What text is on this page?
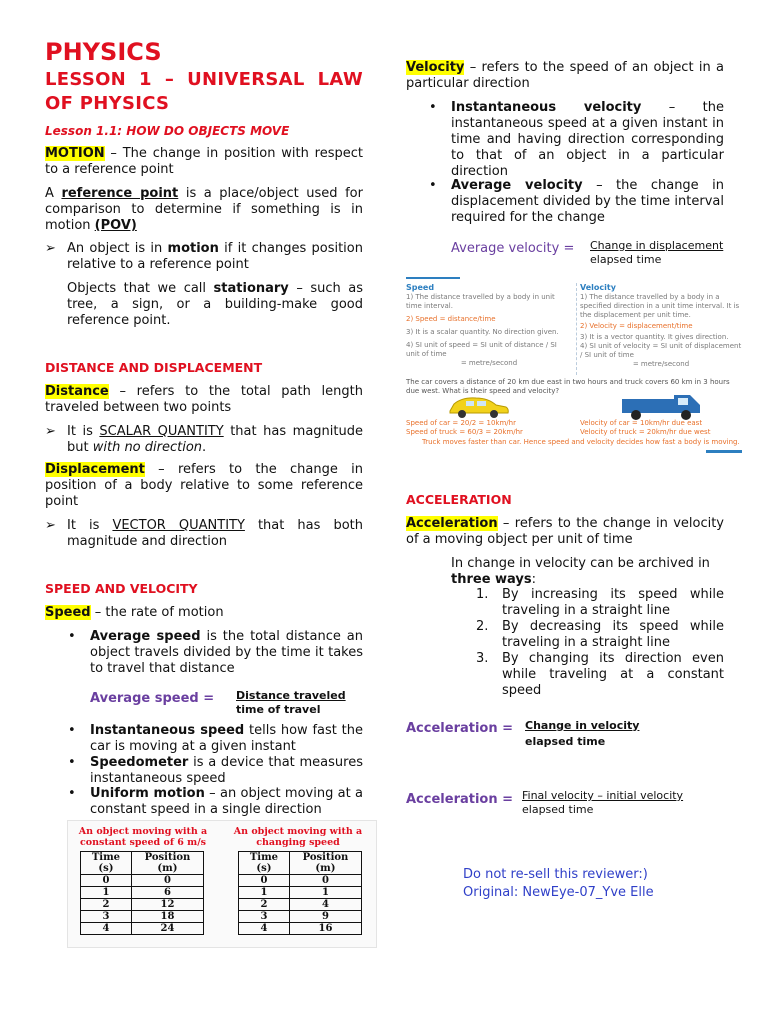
PHYSICS
LESSON 1 – UNIVERSAL LAW OF PHYSICS
Lesson 1.1: HOW DO OBJECTS MOVE

MOTION – The change in position with respect to a reference point

A reference point is a place/object used for comparison to determine if something is in motion (POV)

➢ An object is in motion if it changes position relative to a reference point

Objects that we call stationary – such as tree, a sign, or a building-make good reference point.

DISTANCE AND DISPLACEMENT

Distance – refers to the total path length traveled between two points

➢ It is SCALAR QUANTITY that has magnitude but with no direction.

Displacement – refers to the change in position of a body relative to some reference point

➢ It is VECTOR QUANTITY that has both magnitude and direction

SPEED AND VELOCITY

Speed – the rate of motion

• Average speed is the total distance an object travels divided by the time it takes to travel that distance

Average speed = Distance traveled
time of travel
• Instantaneous speed tells how fast the car is moving at a given instant

• Speedometer is a device that measures instantaneous speed

• Uniform motion – an object moving at a constant speed in a single direction

An object moving with a constant speed of 6 m/s
Time (s)	Position (m)
0	0
1	6
2	12
3	18
4	24
An object moving with a changing speed
Time (s)	Position (m)
0	0
1	1
2	4
3	9
4	16

Velocity – refers to the speed of an object in a particular direction

• Instantaneous velocity – the instantaneous speed at a given instant in time and having direction corresponding to that of an object in a particular direction

• Average velocity – the change in displacement divided by the time interval required for the change

Average velocity = Change in displacement
elapsed time
Speed
1) The distance travelled by a body in unit time interval.
2) Speed = distance/time
3) It is a scalar quantity. No direction given.
4) SI unit of speed = SI unit of distance / SI unit of time
= metre/second
Velocity
1) The distance travelled by a body in a specified direction in a unit time interval. It is the displacement per unit time.
2) Velocity = displacement/time
3) It is a vector quantity. It gives direction.
4) SI unit of velocity = SI unit of displacement / SI unit of time
= metre/second
The car covers a distance of 20 km due east in two hours and truck covers 60 km in 3 hours due west. What is their speed and velocity?
Speed of car = 20/2 = 10km/hr
Speed of truck = 60/3 = 20km/hr
Velocity of car = 10km/hr due east
Velocity of truck = 20km/hr due west
Truck moves faster than car. Hence speed and velocity decides how fast a body is moving.
ACCELERATION

Acceleration – refers to the change in velocity of a moving object per unit of time

In change in velocity can be archived in three ways:

1. By increasing its speed while traveling in a straight line

2. By decreasing its speed while traveling in a straight line

3. By changing its direction even while traveling at a constant speed

Acceleration = Change in velocity
elapsed time
Acceleration = Final velocity – initial velocity
elapsed time
Do not re-sell this reviewer:)
Original: NewEye-07_Yve Elle
